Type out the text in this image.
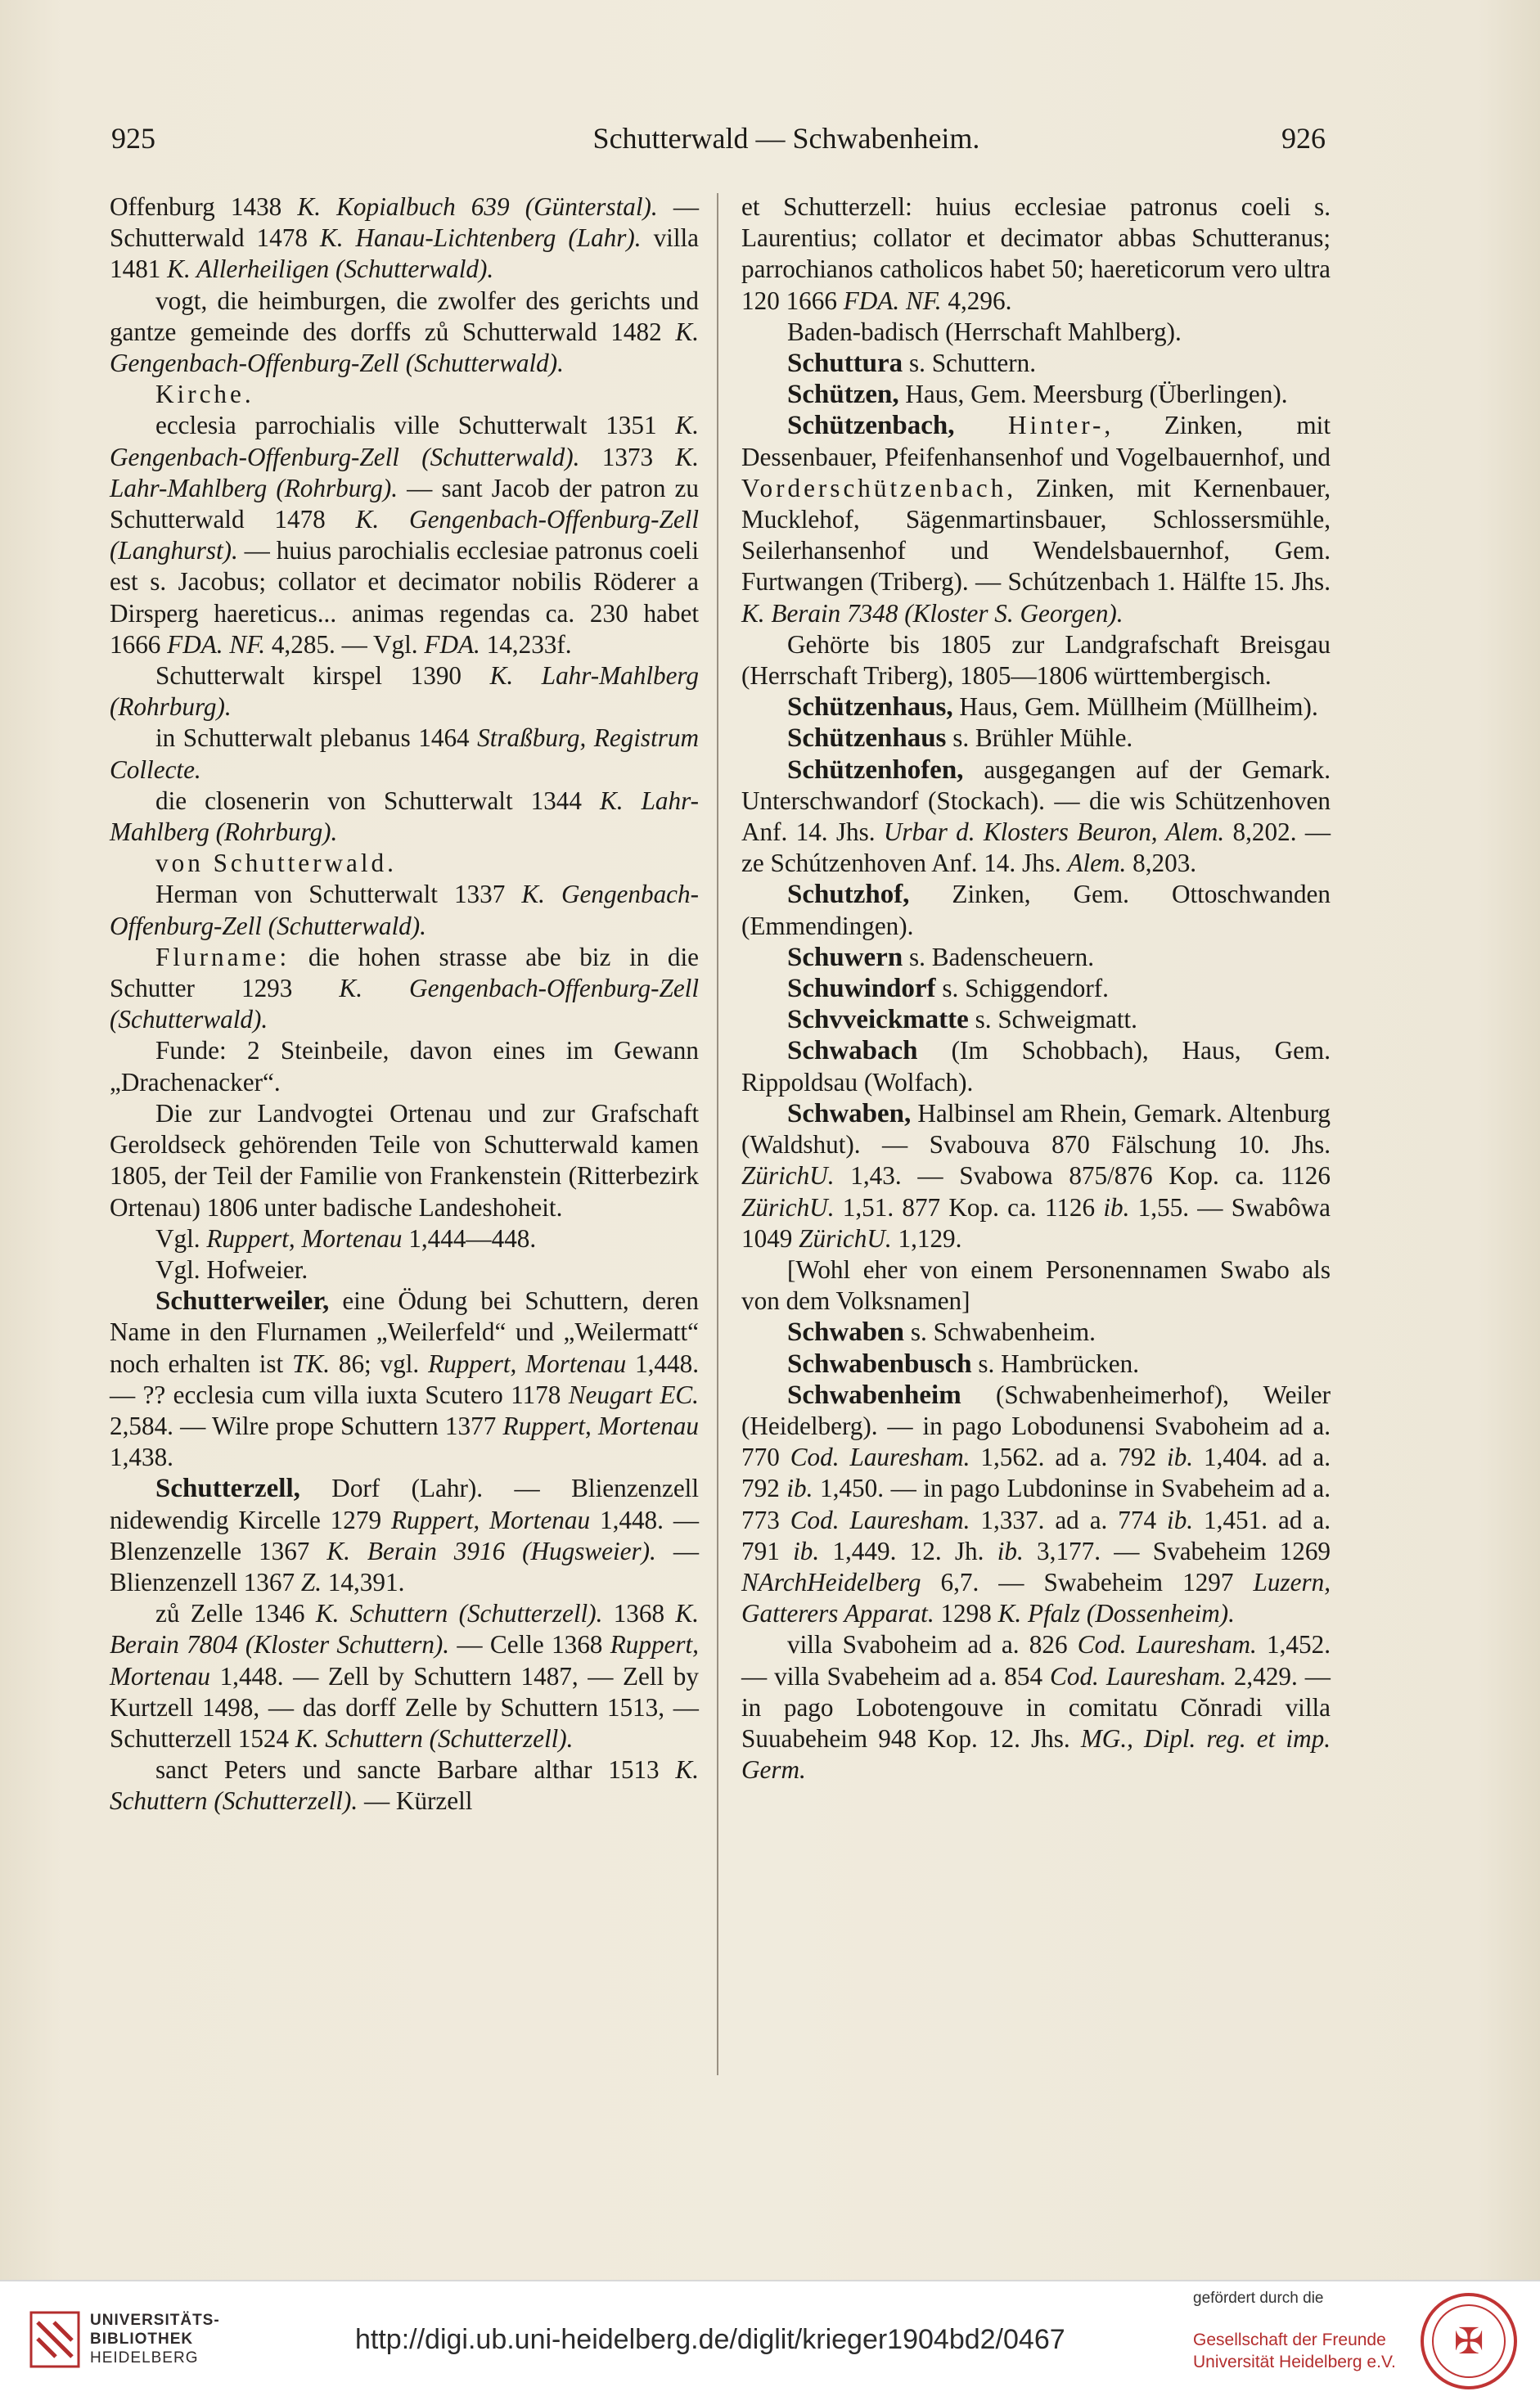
925	Schutterwald — Schwabenheim.	926

Offenburg 1438 K. Kopialbuch 639 (Günterstal). — Schutterwald 1478 K. Hanau-Lichtenberg (Lahr). villa 1481 K. Allerheiligen (Schutterwald).

vogt, die heimburgen, die zwolfer des gerichts und gantze gemeinde des dorffs zů Schutterwald 1482 K. Gengenbach-Offenburg-Zell (Schutterwald).

Kirche.

ecclesia parrochialis ville Schutterwalt 1351 K. Gengenbach-Offenburg-Zell (Schutterwald). 1373 K. Lahr-Mahlberg (Rohrburg). — sant Jacob der patron zu Schutterwald 1478 K. Gengenbach-Offenburg-Zell (Langhurst). — huius parochialis ecclesiae patronus coeli est s. Jacobus; collator et decimator nobilis Röderer a Dirsperg haereticus... animas regendas ca. 230 habet 1666 FDA. NF. 4,285. — Vgl. FDA. 14,233f.

Schutterwalt kirspel 1390 K. Lahr-Mahlberg (Rohrburg).

in Schutterwalt plebanus 1464 Straßburg, Registrum Collecte.

die closenerin von Schutterwalt 1344 K. Lahr-Mahlberg (Rohrburg).

von Schutterwald.

Herman von Schutterwalt 1337 K. Gengenbach-Offenburg-Zell (Schutterwald).

Flurname: die hohen strasse abe biz in die Schutter 1293 K. Gengenbach-Offenburg-Zell (Schutterwald).

Funde: 2 Steinbeile, davon eines im Gewann „Drachenacker“.

Die zur Landvogtei Ortenau und zur Grafschaft Geroldseck gehörenden Teile von Schutterwald kamen 1805, der Teil der Familie von Frankenstein (Ritterbezirk Ortenau) 1806 unter badische Landeshoheit.

Vgl. Ruppert, Mortenau 1,444—448.

Vgl. Hofweier.

Schutterweiler, eine Ödung bei Schuttern, deren Name in den Flurnamen „Weilerfeld“ und „Weilermatt“ noch erhalten ist TK. 86; vgl. Ruppert, Mortenau 1,448. — ?? ecclesia cum villa iuxta Scutero 1178 Neugart EC. 2,584. — Wilre prope Schuttern 1377 Ruppert, Mortenau 1,438.

Schutterzell, Dorf (Lahr). — Blienzenzell nidewendig Kircelle 1279 Ruppert, Mortenau 1,448. — Blenzenzelle 1367 K. Berain 3916 (Hugsweier). — Blienzenzell 1367 Z. 14,391.

zů Zelle 1346 K. Schuttern (Schutterzell). 1368 K. Berain 7804 (Kloster Schuttern). — Celle 1368 Ruppert, Mortenau 1,448. — Zell by Schuttern 1487, — Zell by Kurtzell 1498, — das dorff Zelle by Schuttern 1513, — Schutterzell 1524 K. Schuttern (Schutterzell).

sanct Peters und sancte Barbare althar 1513 K. Schuttern (Schutterzell). — Kürzell

et Schutterzell: huius ecclesiae patronus coeli s. Laurentius; collator et decimator abbas Schutteranus; parrochianos catholicos habet 50; haereticorum vero ultra 120 1666 FDA. NF. 4,296.

Baden-badisch (Herrschaft Mahlberg).

Schuttura s. Schuttern.

Schützen, Haus, Gem. Meersburg (Überlingen).

Schützenbach, Hinter-, Zinken, mit Dessenbauer, Pfeifenhansenhof und Vogelbauernhof, und Vorderschützenbach, Zinken, mit Kernenbauer, Mucklehof, Sägenmartinsbauer, Schlossersmühle, Seilerhansenhof und Wendelsbauernhof, Gem. Furtwangen (Triberg). — Schútzenbach 1. Hälfte 15. Jhs. K. Berain 7348 (Kloster S. Georgen).

Gehörte bis 1805 zur Landgrafschaft Breisgau (Herrschaft Triberg), 1805—1806 württembergisch.

Schützenhaus, Haus, Gem. Müllheim (Müllheim).

Schützenhaus s. Brühler Mühle.

Schützenhofen, ausgegangen auf der Gemark. Unterschwandorf (Stockach). — die wis Schützenhoven Anf. 14. Jhs. Urbar d. Klosters Beuron, Alem. 8,202. — ze Schútzenhoven Anf. 14. Jhs. Alem. 8,203.

Schutzhof, Zinken, Gem. Ottoschwanden (Emmendingen).

Schuwern s. Badenscheuern.

Schuwindorf s. Schiggendorf.

Schvveickmatte s. Schweigmatt.

Schwabach (Im Schobbach), Haus, Gem. Rippoldsau (Wolfach).

Schwaben, Halbinsel am Rhein, Gemark. Altenburg (Waldshut). — Svabouva 870 Fälschung 10. Jhs. ZürichU. 1,43. — Svabowa 875/876 Kop. ca. 1126 ZürichU. 1,51. 877 Kop. ca. 1126 ib. 1,55. — Swabôwa 1049 ZürichU. 1,129.

[Wohl eher von einem Personennamen Swabo als von dem Volksnamen]

Schwaben s. Schwabenheim.

Schwabenbusch s. Hambrücken.

Schwabenheim (Schwabenheimerhof), Weiler (Heidelberg). — in pago Lobodunensi Svaboheim ad a. 770 Cod. Lauresham. 1,562. ad a. 792 ib. 1,404. ad a. 792 ib. 1,450. — in pago Lubdoninse in Svabeheim ad a. 773 Cod. Lauresham. 1,337. ad a. 774 ib. 1,451. ad a. 791 ib. 1,449. 12. Jh. ib. 3,177. — Svabeheim 1269 NArchHeidelberg 6,7. — Swabeheim 1297 Luzern, Gatterers Apparat. 1298 K. Pfalz (Dossenheim).

villa Svaboheim ad a. 826 Cod. Lauresham. 1,452. — villa Svabeheim ad a. 854 Cod. Lauresham. 2,429. — in pago Lobotengouve in comitatu Cŏnradi villa Suuabeheim 948 Kop. 12. Jhs. MG., Dipl. reg. et imp. Germ.

UNIVERSITÄTS-
BIBLIOTHEK
HEIDELBERG
http://digi.ub.uni-heidelberg.de/diglit/krieger1904bd2/0467
gefördert durch die
Gesellschaft der Freunde
Universität Heidelberg e.V.
✠
